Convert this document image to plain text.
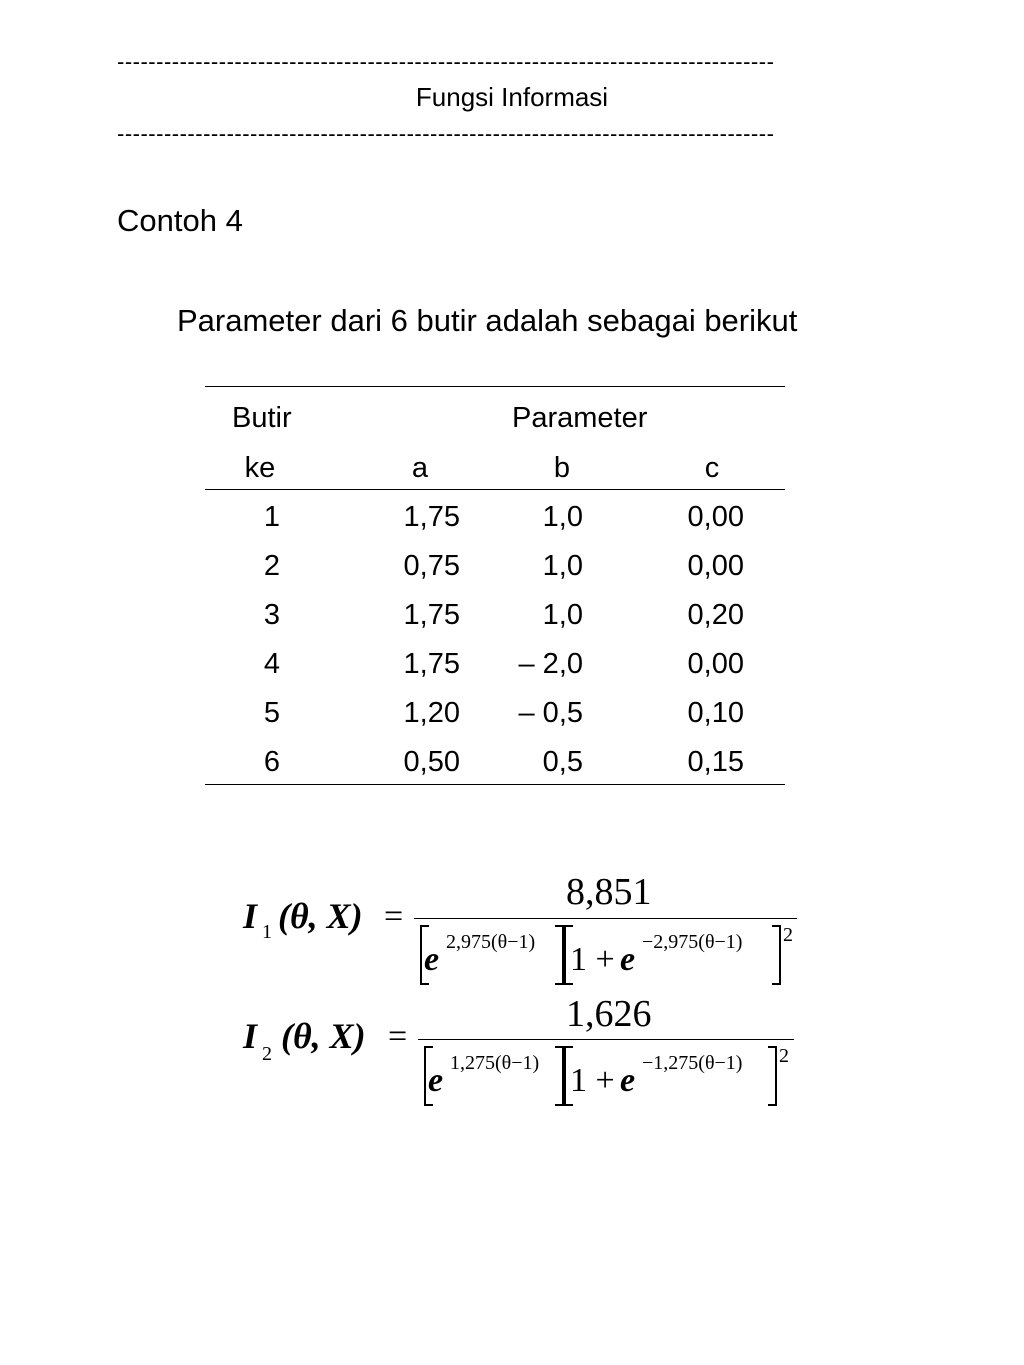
------------------------------------------------------------------------------------
Fungsi Informasi
------------------------------------------------------------------------------------
Contoh 4
Parameter dari 6 butir adalah sebagai berikut
Butir	Parameter
ke	a	b	c
1	1,75	1,0	0,00
2	0,75	1,0	0,00
3	1,75	1,0	0,20
4	1,75	– 2,0	0,00
5	1,20	– 0,5	0,10
6	0,50	0,5	0,15
I 1 (θ, X) =
8,851
e 2,975(θ−1) 1 + e −2,975(θ−1) 2
I 2 (θ, X) =
1,626
e 1,275(θ−1) 1 + e −1,275(θ−1) 2
